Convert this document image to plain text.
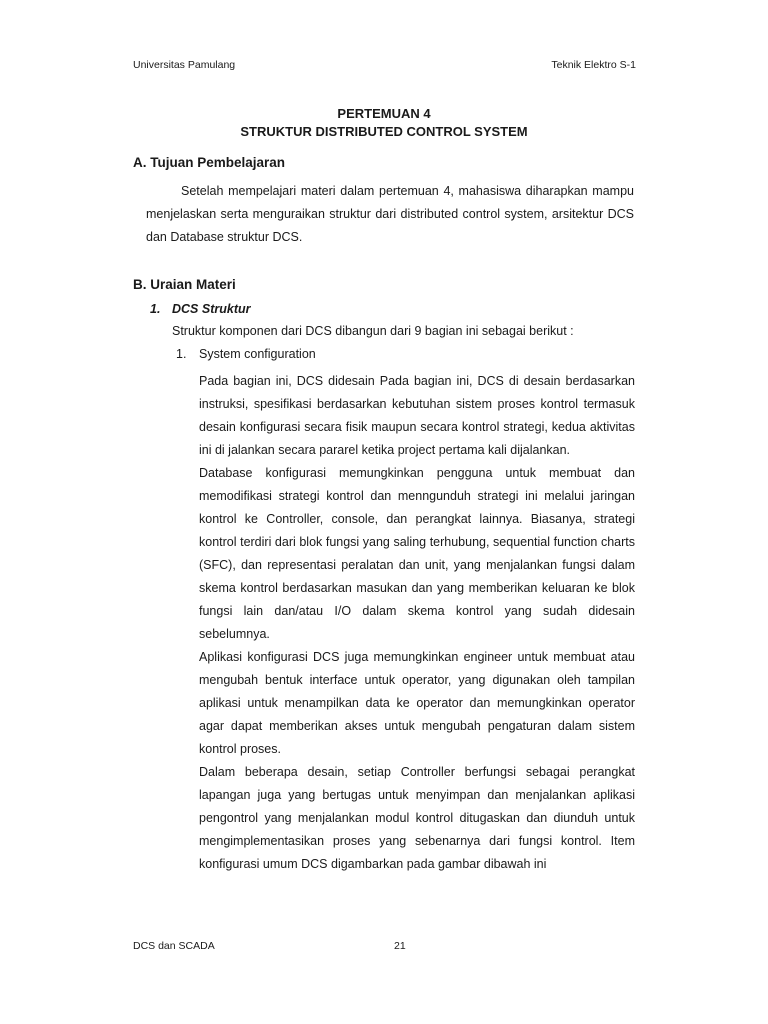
Universitas Pamulang	Teknik Elektro S-1
PERTEMUAN 4
STRUKTUR DISTRIBUTED CONTROL SYSTEM
A. Tujuan Pembelajaran
Setelah mempelajari materi dalam pertemuan 4, mahasiswa diharapkan mampu menjelaskan serta menguraikan struktur dari distributed control system, arsitektur DCS dan Database struktur DCS.
B. Uraian Materi
1. DCS Struktur
Struktur komponen dari DCS dibangun dari 9 bagian ini sebagai berikut :
1. System configuration

Pada bagian ini, DCS didesain Pada bagian ini, DCS di desain berdasarkan instruksi, spesifikasi berdasarkan kebutuhan sistem proses kontrol termasuk desain konfigurasi secara fisik maupun secara kontrol strategi, kedua aktivitas ini di jalankan secara pararel ketika project pertama kali dijalankan.

Database konfigurasi memungkinkan pengguna untuk membuat dan memodifikasi strategi kontrol dan menngunduh strategi ini melalui jaringan kontrol ke Controller, console, dan perangkat lainnya. Biasanya, strategi kontrol terdiri dari blok fungsi yang saling terhubung, sequential function charts (SFC), dan representasi peralatan dan unit, yang menjalankan fungsi dalam skema kontrol berdasarkan masukan dan yang memberikan keluaran ke blok fungsi lain dan/atau I/O dalam skema kontrol yang sudah didesain sebelumnya.

Aplikasi konfigurasi DCS juga memungkinkan engineer untuk membuat atau mengubah bentuk interface untuk operator, yang digunakan oleh tampilan aplikasi untuk menampilkan data ke operator dan memungkinkan operator agar dapat memberikan akses untuk mengubah pengaturan dalam sistem kontrol proses.

Dalam beberapa desain, setiap Controller berfungsi sebagai perangkat lapangan juga yang bertugas untuk menyimpan dan menjalankan aplikasi pengontrol yang menjalankan modul kontrol ditugaskan dan diunduh untuk mengimplementasikan proses yang sebenarnya dari fungsi kontrol. Item konfigurasi umum DCS digambarkan pada gambar dibawah ini

DCS dan SCADA	21
